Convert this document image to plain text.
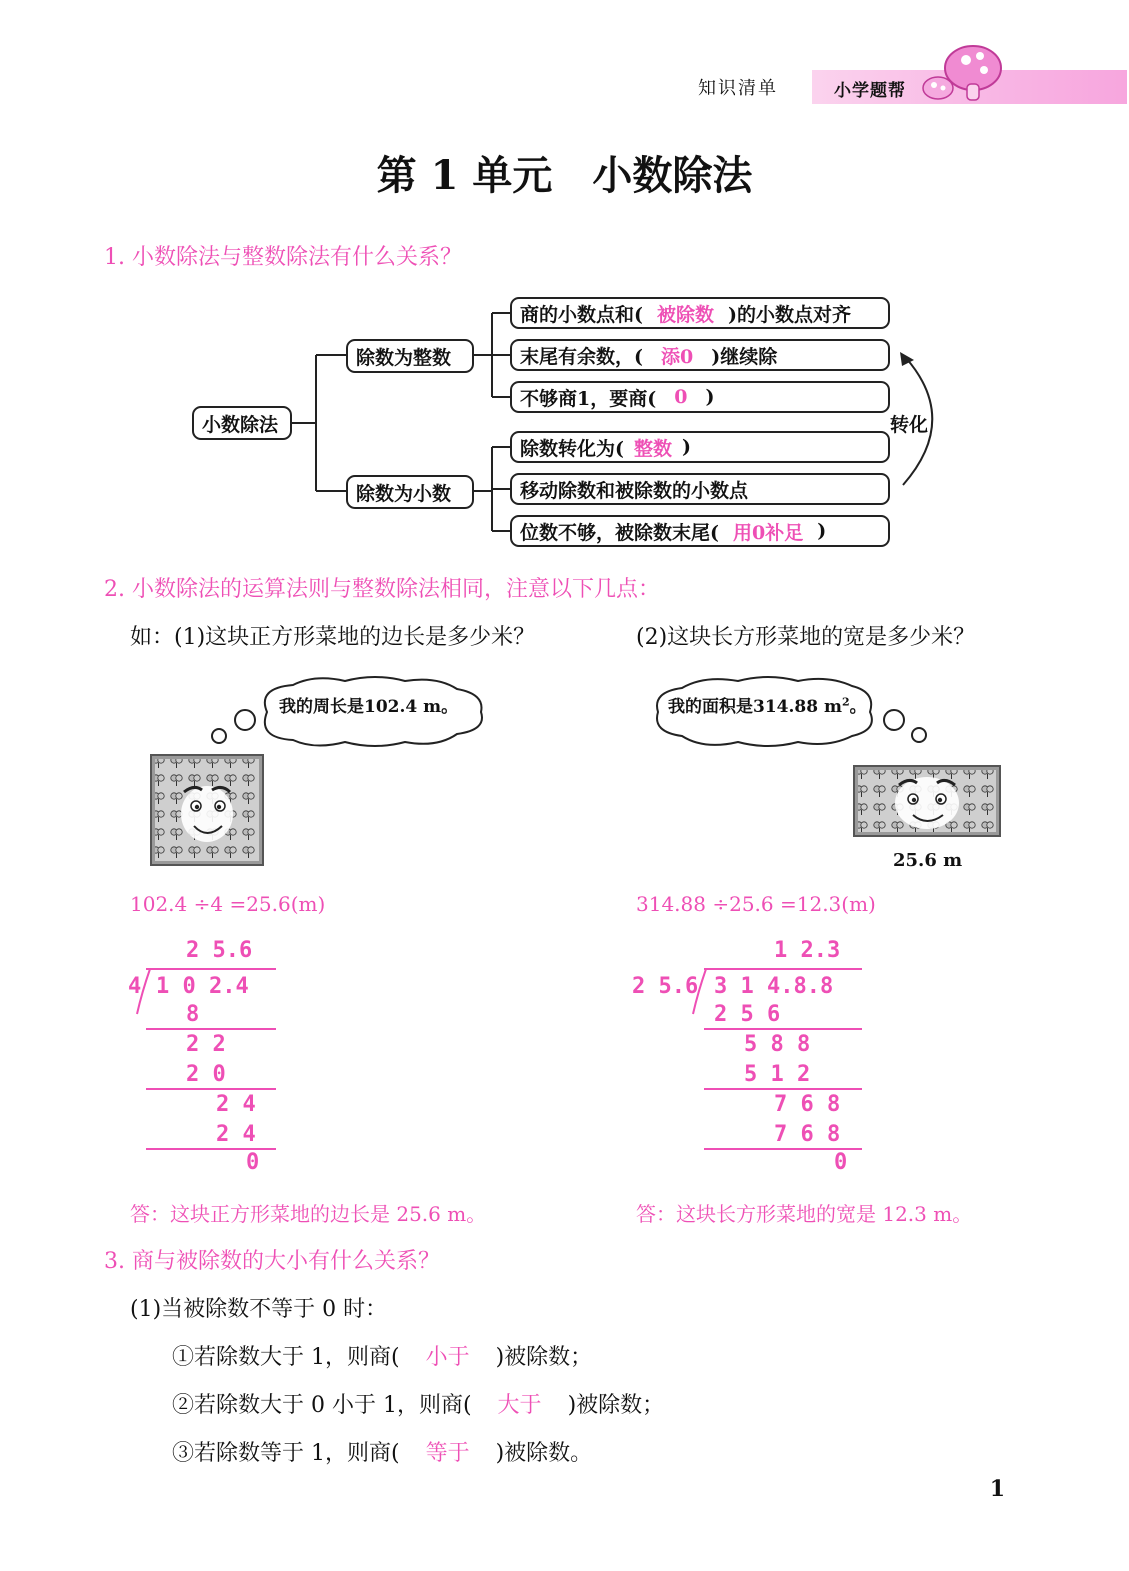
知识清单	小学题帮
第 1 单元　小数除法
1. 小数除法与整数除法有什么关系？
小数除法
除数为整数
除数为小数
商的小数点和( 被除数 )的小数点对齐
末尾有余数，( 添0 )继续除
不够商1，要商( 0 )
除数转化为( 整数 )
移动除数和被除数的小数点
位数不够，被除数末尾( 用0补足 )
转化
2. 小数除法的运算法则与整数除法相同，注意以下几点：
如：(1)这块正方形菜地的边长是多少米？	(2)这块长方形菜地的宽是多少米？
我的周长是102.4 m。	我的面积是314.88 $m^2$。
25.6 m
102.4 ÷4 =25.6(m)	314.88 ÷25.6 =12.3(m)
2 5.6
4 1 0 2.4
8
2 2
2 0
2 4
2 4
0
1 2.3
2 5.6 3 1 4.8.8
2 5 6
5 8 8
5 1 2
7 6 8
7 6 8
0
答：这块正方形菜地的边长是 25.6 m。	答：这块长方形菜地的宽是 12.3 m。
3. 商与被除数的大小有什么关系？
(1)当被除数不等于 0 时：
①若除数大于 1，则商( 小于 )被除数；
②若除数大于 0 小于 1，则商( 大于 )被除数；
③若除数等于 1，则商( 等于 )被除数。
1
